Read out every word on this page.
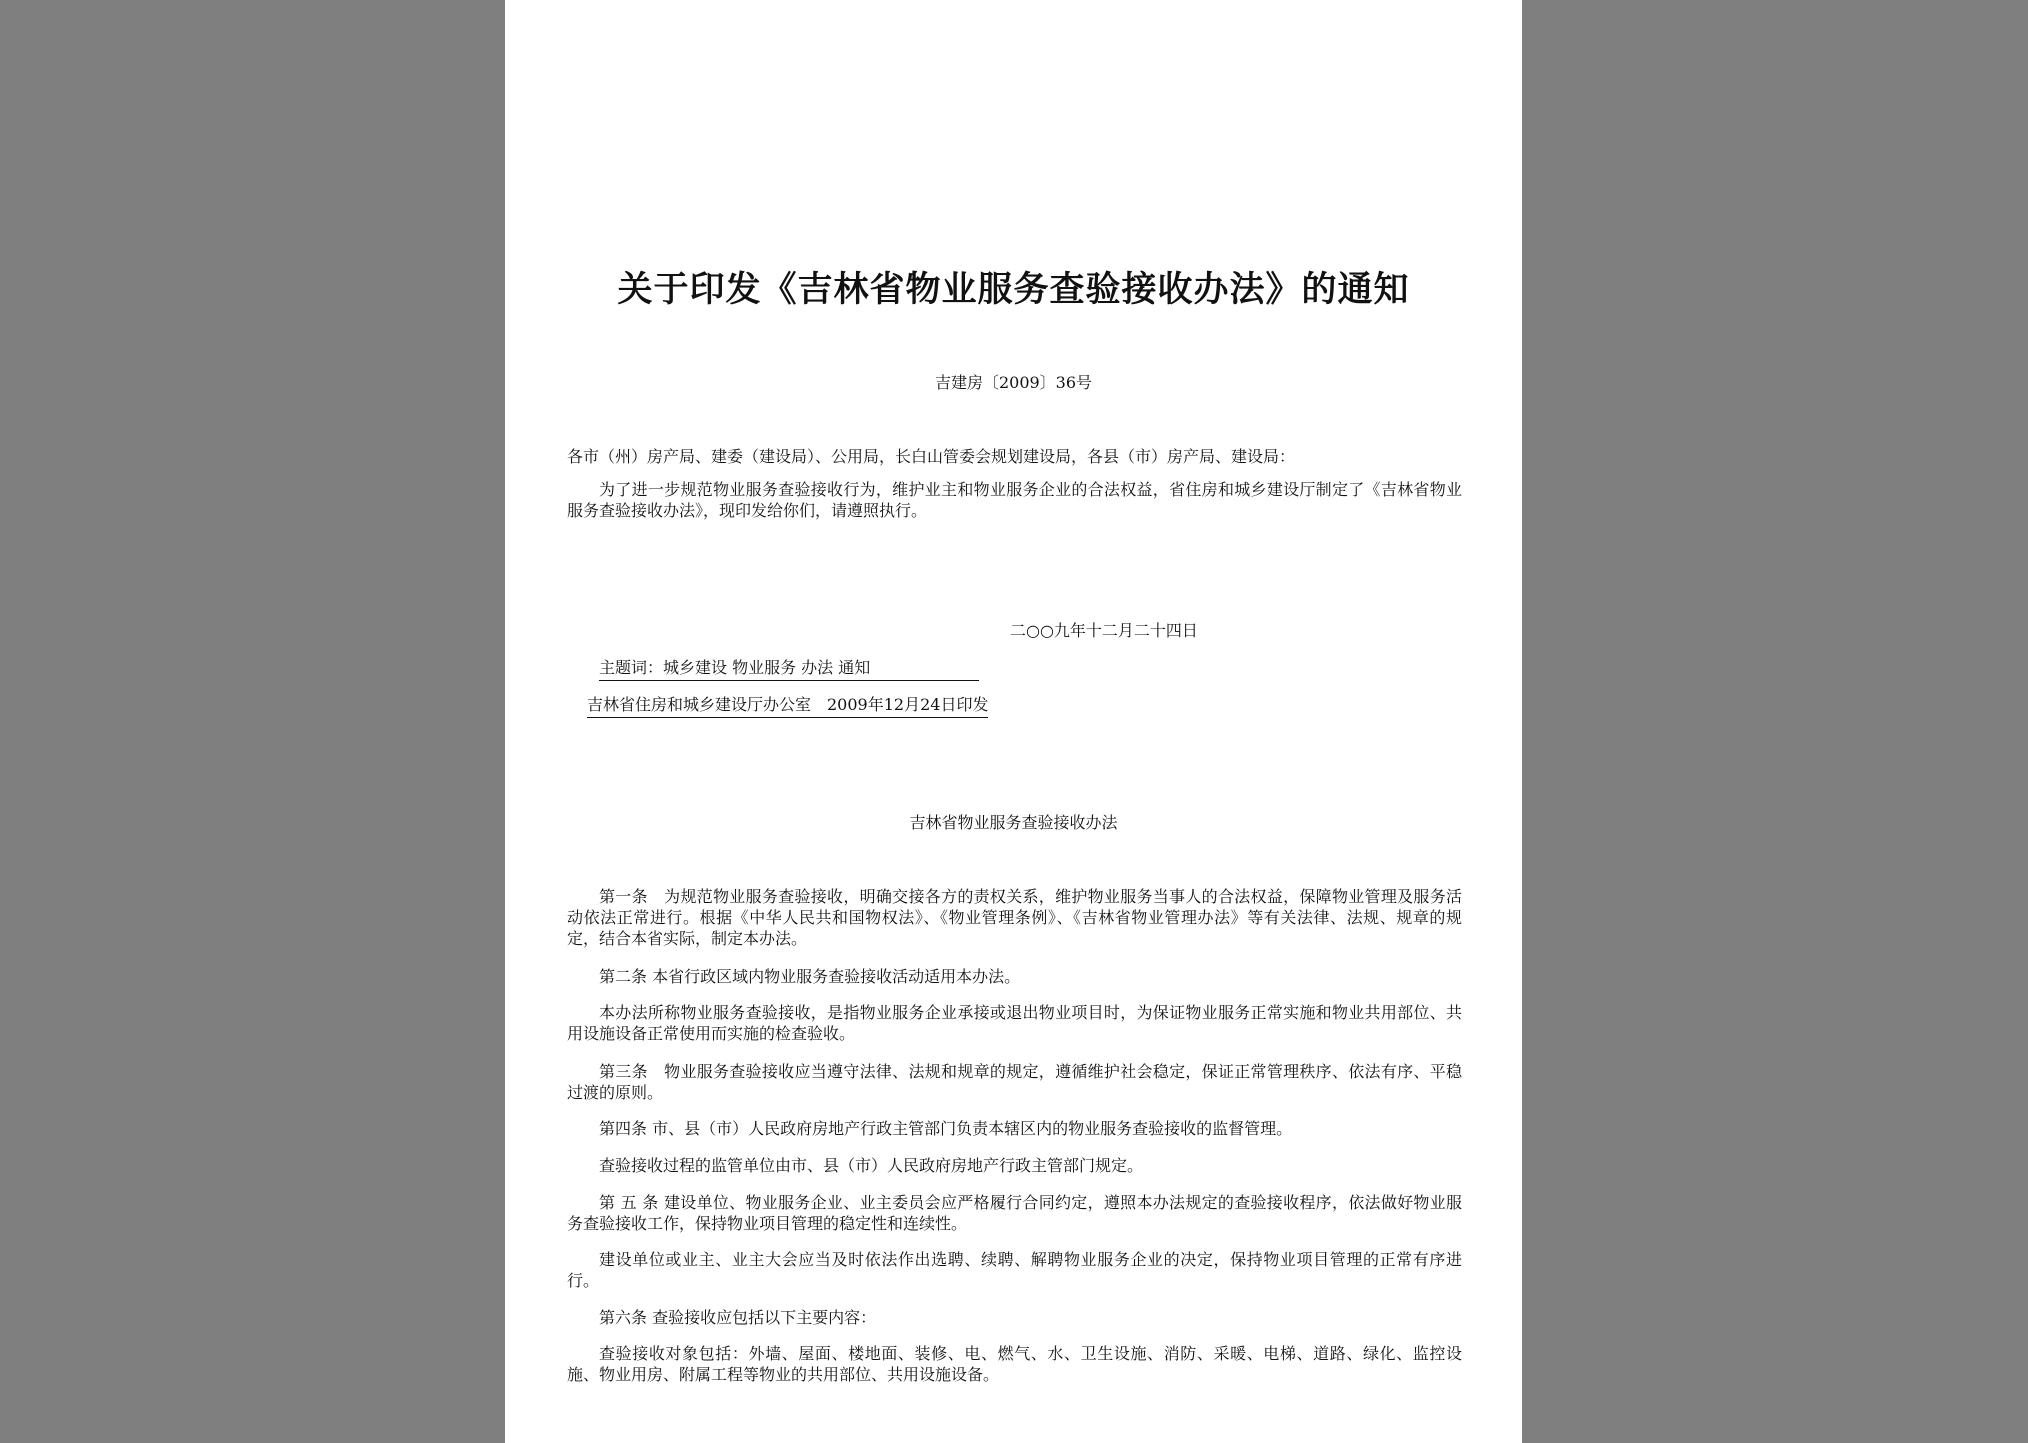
关于印发《吉林省物业服务查验接收办法》的通知
吉建房〔2009〕36号
各市（州）房产局、建委（建设局）、公用局，长白山管委会规划建设局，各县（市）房产局、建设局：
为了进一步规范物业服务查验接收行为，维护业主和物业服务企业的合法权益，省住房和城乡建设厅制定了《吉林省物业服务查验接收办法》，现印发给你们，请遵照执行。
二○○九年十二月二十四日
主题词：城乡建设 物业服务 办法 通知
吉林省住房和城乡建设厅办公室　2009年12月24日印发
吉林省物业服务查验接收办法
第一条　为规范物业服务查验接收，明确交接各方的责权关系，维护物业服务当事人的合法权益，保障物业管理及服务活动依法正常进行。根据《中华人民共和国物权法》、《物业管理条例》、《吉林省物业管理办法》等有关法律、法规、规章的规定，结合本省实际，制定本办法。
第二条 本省行政区域内物业服务查验接收活动适用本办法。
本办法所称物业服务查验接收，是指物业服务企业承接或退出物业项目时，为保证物业服务正常实施和物业共用部位、共用设施设备正常使用而实施的检查验收。
第三条　物业服务查验接收应当遵守法律、法规和规章的规定，遵循维护社会稳定，保证正常管理秩序、依法有序、平稳过渡的原则。
第四条 市、县（市）人民政府房地产行政主管部门负责本辖区内的物业服务查验接收的监督管理。
查验接收过程的监管单位由市、县（市）人民政府房地产行政主管部门规定。
第 五 条 建设单位、物业服务企业、业主委员会应严格履行合同约定，遵照本办法规定的查验接收程序，依法做好物业服务查验接收工作，保持物业项目管理的稳定性和连续性。
建设单位或业主、业主大会应当及时依法作出选聘、续聘、解聘物业服务企业的决定，保持物业项目管理的正常有序进行。
第六条 查验接收应包括以下主要内容：
查验接收对象包括：外墙、屋面、楼地面、装修、电、燃气、水、卫生设施、消防、采暖、电梯、道路、绿化、监控设施、物业用房、附属工程等物业的共用部位、共用设施设备。
